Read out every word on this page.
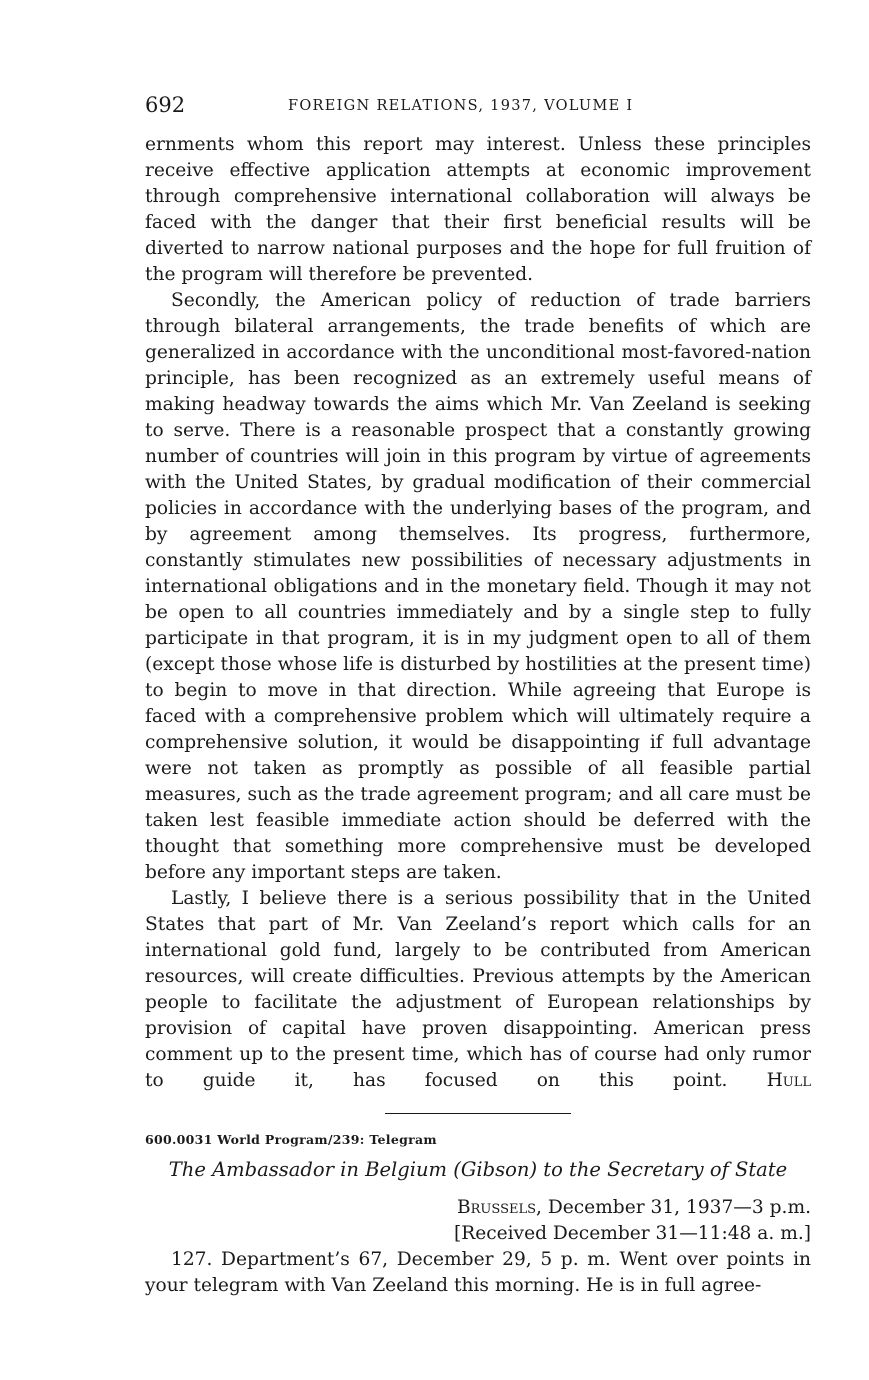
692	FOREIGN RELATIONS, 1937, VOLUME I

ernments whom this report may interest. Unless these principles receive effective application attempts at economic improvement through comprehensive international collaboration will always be faced with the danger that their first beneficial results will be diverted to narrow national purposes and the hope for full fruition of the program will therefore be prevented.

Secondly, the American policy of reduction of trade barriers through bilateral arrangements, the trade benefits of which are generalized in accordance with the unconditional most-favored-nation principle, has been recognized as an extremely useful means of making headway towards the aims which Mr. Van Zeeland is seeking to serve. There is a reasonable prospect that a constantly growing number of countries will join in this program by virtue of agreements with the United States, by gradual modification of their commercial policies in accordance with the underlying bases of the program, and by agreement among themselves. Its progress, furthermore, constantly stimulates new possibilities of necessary adjustments in international obligations and in the monetary field. Though it may not be open to all countries immediately and by a single step to fully participate in that program, it is in my judgment open to all of them (except those whose life is disturbed by hostilities at the present time) to begin to move in that direction. While agreeing that Europe is faced with a comprehensive problem which will ultimately require a comprehensive solution, it would be disappointing if full advantage were not taken as promptly as possible of all feasible partial measures, such as the trade agreement program; and all care must be taken lest feasible immediate action should be deferred with the thought that something more comprehensive must be developed before any important steps are taken.

Lastly, I believe there is a serious possibility that in the United States that part of Mr. Van Zeeland’s report which calls for an international gold fund, largely to be contributed from American resources, will create difficulties. Previous attempts by the American people to facilitate the adjustment of European relationships by provision of capital have proven disappointing. American press comment up to the present time, which has of course had only rumor to guide it, has focused on this point. Hull

600.0031 World Program/239: Telegram
The Ambassador in Belgium (Gibson) to the Secretary of State
Brussels, December 31, 1937—3 p.m.
[Received December 31—11:48 a. m.]

127. Department’s 67, December 29, 5 p. m. Went over points in your telegram with Van Zeeland this morning. He is in full agree-
